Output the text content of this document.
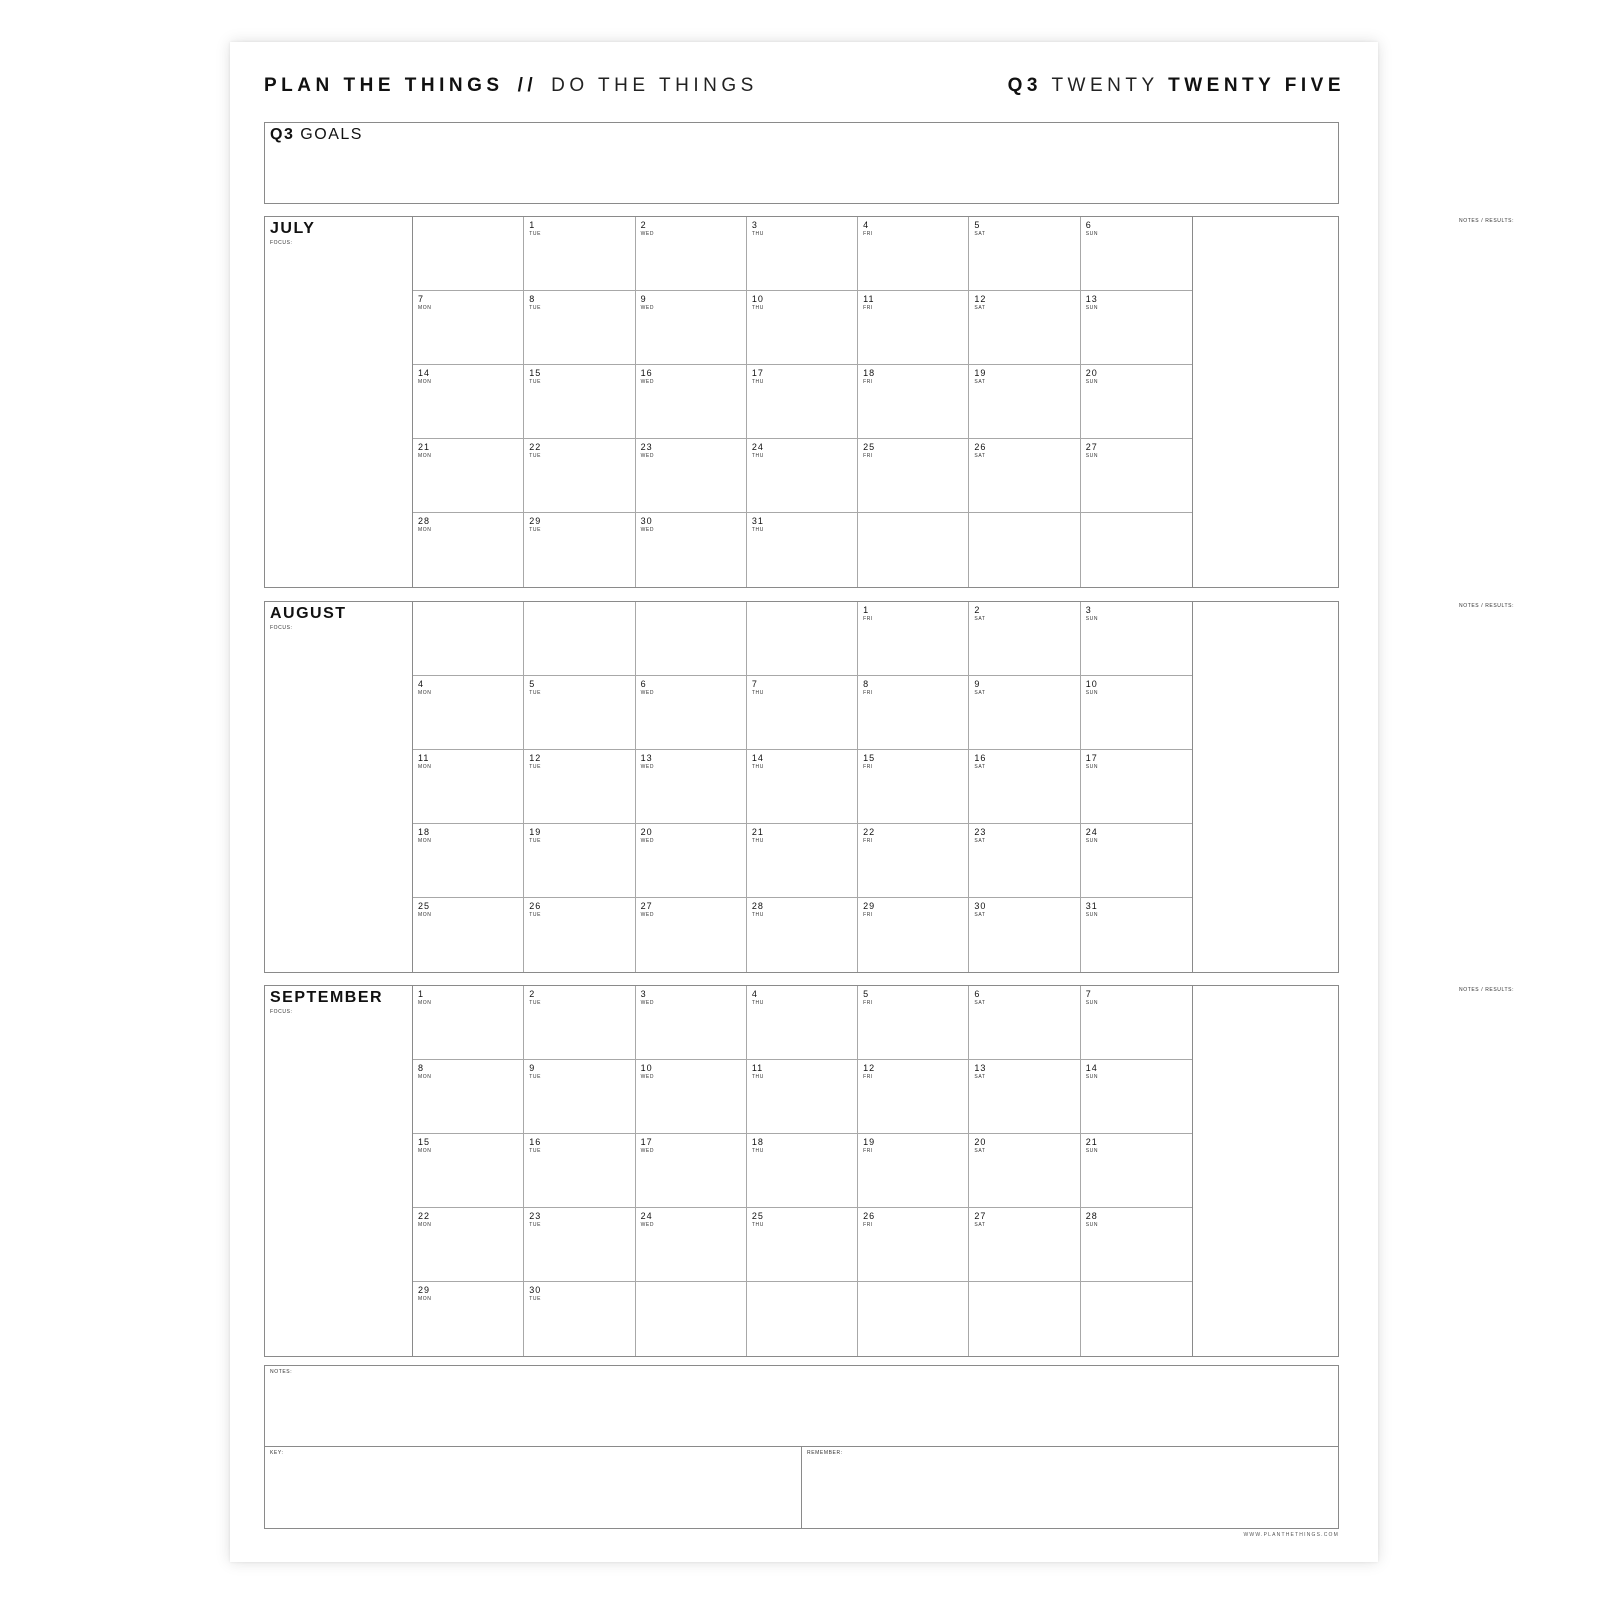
PLAN THE THINGS // DO THE THINGS	Q3 TWENTY TWENTY FIVE
Q3 GOALS
JULY
FOCUS:
1
TUE
2
WED
3
THU
4
FRI
5
SAT
6
SUN
7
MON
8
TUE
9
WED
10
THU
11
FRI
12
SAT
13
SUN
14
MON
15
TUE
16
WED
17
THU
18
FRI
19
SAT
20
SUN
21
MON
22
TUE
23
WED
24
THU
25
FRI
26
SAT
27
SUN
28
MON
29
TUE
30
WED
31
THU
NOTES / RESULTS:
AUGUST
FOCUS:
1
FRI
2
SAT
3
SUN
4
MON
5
TUE
6
WED
7
THU
8
FRI
9
SAT
10
SUN
11
MON
12
TUE
13
WED
14
THU
15
FRI
16
SAT
17
SUN
18
MON
19
TUE
20
WED
21
THU
22
FRI
23
SAT
24
SUN
25
MON
26
TUE
27
WED
28
THU
29
FRI
30
SAT
31
SUN
NOTES / RESULTS:
SEPTEMBER
FOCUS:
1
MON
2
TUE
3
WED
4
THU
5
FRI
6
SAT
7
SUN
8
MON
9
TUE
10
WED
11
THU
12
FRI
13
SAT
14
SUN
15
MON
16
TUE
17
WED
18
THU
19
FRI
20
SAT
21
SUN
22
MON
23
TUE
24
WED
25
THU
26
FRI
27
SAT
28
SUN
29
MON
30
TUE
NOTES / RESULTS:
NOTES:
KEY:	REMEMBER:
WWW.PLANTHETHINGS.COM
